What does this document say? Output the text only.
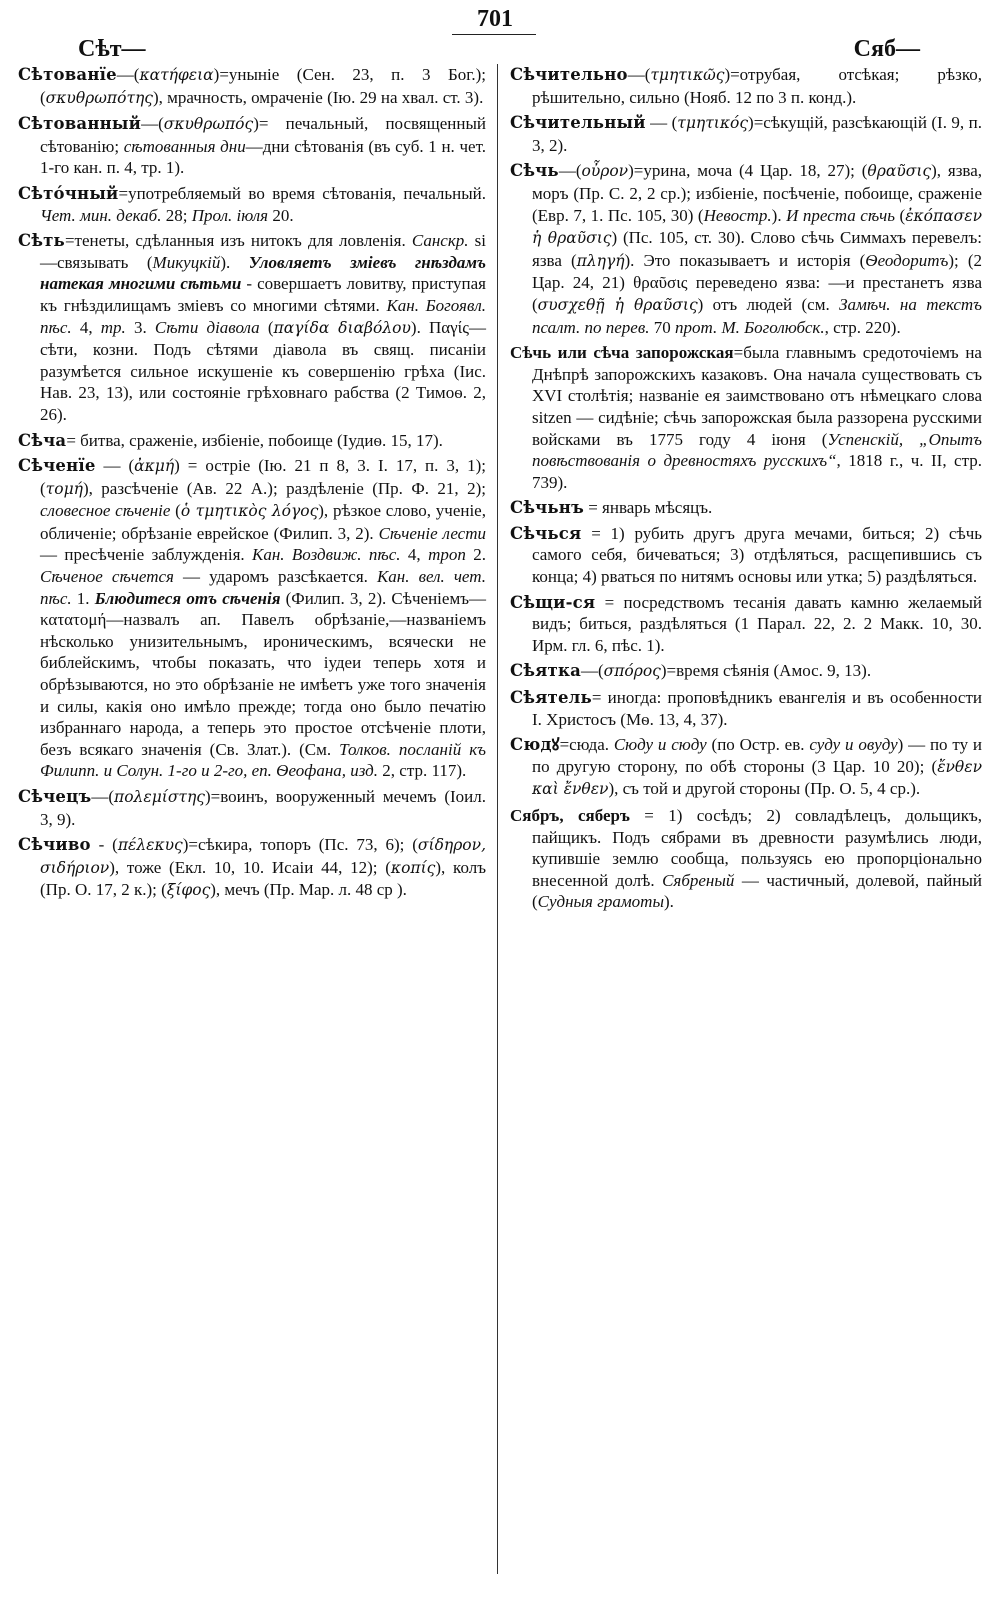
701
Сѣт—	Сяб—

Сѣтованїе—(κατήφεια)=уныніе (Сен. 23, п. 3 Бог.); (σκυθρωπότης), мрачность, омраченіе (Ію. 29 на хвал. ст. 3).

Сѣтованный—(σκυθρωπός)= печальный, посвященный сѣтованію; сѣтованныя дни—дни сѣтованія (въ суб. 1 н. чет. 1-го кан. п. 4, тр. 1).

Сѣтóчный=употребляемый во время сѣтованія, печальный. Чет. мин. декаб. 28; Прол. іюля 20.

Сѣть=тенеты, сдѣланныя изъ нитокъ для ловленія. Санскр. si—связывать (Микуцкій). Уловляетъ зміевъ гнѣздамъ натекая многими сѣтьми - совершаетъ ловитву, приступая къ гнѣздилищамъ зміевъ со многими сѣтями. Кан. Богоявл. пѣс. 4, тр. 3. Сѣти діавола (παγίδα διαβόλου). Παγίς—сѣти, козни. Подъ сѣтями діавола въ свящ. писаніи разумѣется сильное искушеніе къ совершенію грѣха (Іис. Нав. 23, 13), или состояніе грѣховнаго рабства (2 Тимоѳ. 2, 26).

Сѣча= битва, сраженіе, избіеніе, побоище (Іудиѳ. 15, 17).

Сѣченїе — (ἀκμή) = остріе (Ію. 21 п 8, 3. І. 17, п. 3, 1); (τομή), разсѣченіе (Ав. 22 А.); раздѣленіе (Пр. Ф. 21, 2); словесное сѣченіе (ὁ τμητικὸς λόγος), рѣзкое слово, ученіе, обличеніе; обрѣзаніе еврейское (Филип. 3, 2). Сѣченіе лести — пресѣченіе заблужденія. Кан. Воздвиж. пѣс. 4, троп 2. Сѣченое сѣчется — ударомъ разсѣкается. Кан. вел. чет. пѣс. 1. Блюдитеся отъ сѣченія (Филип. 3, 2). Сѣченіемъ—κατατομή—назвалъ ап. Павелъ обрѣзаніе,—названіемъ нѣсколько унизительнымъ, ироническимъ, всячески не библейскимъ, чтобы показать, что іудеи теперь хотя и обрѣзываются, но это обрѣзаніе не имѣетъ уже того значенія и силы, какія оно имѣло прежде; тогда оно было печатію избраннаго народа, а теперь это простое отсѣченіе плоти, безъ всякаго значенія (Св. Злат.). (См. Толков. посланій къ Филипп. и Солун. 1-го и 2-го, еп. Ѳеофана, изд. 2, стр. 117).

Сѣчецъ—(πολεμίστης)=воинъ, вооруженный мечемъ (Іоил. 3, 9).

Сѣчиво - (πέλεκυς)=сѣкира, топоръ (Пс. 73, 6); (σίδηρον, σιδήριον), тоже (Екл. 10, 10. Исаіи 44, 12); (κοπίς), колъ (Пр. О. 17, 2 к.); (ξίφος), мечъ (Пр. Мар. л. 48 ср ).

Сѣчительно—(τμητικῶς)=отрубая, отсѣкая; рѣзко, рѣшительно, сильно (Нояб. 12 по 3 п. конд.).

Сѣчительный — (τμητικός)=сѣкущій, разсѣкающій (І. 9, п. 3, 2).

Сѣчь—(οὖρον)=урина, моча (4 Цар. 18, 27); (θραῦσις), язва, моръ (Пр. С. 2, 2 ср.); избіеніе, посѣченіе, побоище, сраженіе (Евр. 7, 1. Пс. 105, 30) (Невостр.). И преста сѣчь (ἐκόπασεν ἡ θραῦσις) (Пс. 105, ст. 30). Слово сѣчь Симмахъ перевелъ: язва (πληγή). Это показываетъ и исторія (Ѳеодоритъ); (2 Цар. 24, 21) θραῦσις переведено язва: —и престанетъ язва (συσχεθῇ ἡ θραῦσις) отъ людей (см. Замѣч. на текстъ псалт. по перев. 70 прот. М. Боголюбск., стр. 220).

Сѣчь или сѣча запорожская=была главнымъ средоточіемъ на Днѣпрѣ запорожскихъ казаковъ. Она начала существовать съ XVI столѣтія; названіе ея заимствовано отъ нѣмецкаго слова sitzen — сидѣніе; сѣчь запорожская была раззорена русскими войсками въ 1775 году 4 іюня (Успенскій, „Опытъ повѣствованія о древностяхъ русскихъ“, 1818 г., ч. II, стр. 739).

Сѣчьнъ = январь мѣсяцъ.

Сѣчься = 1) рубить другъ друга мечами, биться; 2) сѣчь самого себя, бичеваться; 3) отдѣляться, расщепившись съ конца; 4) рваться по нитямъ основы или утка; 5) раздѣляться.

Сѣщи-ся = посредствомъ тесанія давать камню желаемый видъ; биться, раздѣляться (1 Парал. 22, 2. 2 Макк. 10, 30. Ирм. гл. 6, пѣс. 1).

Сѣятка—(σπόρος)=время сѣянія (Амос. 9, 13).

Сѣятель= иногда: проповѣдникъ евангелія и въ особенности І. Христосъ (Мѳ. 13, 4, 37).

Сюдꙋ=сюда. Сюду и сюду (по Остр. ев. суду и овуду) — по ту и по другую сторону, по обѣ стороны (3 Цар. 10 20); (ἔνθεν καὶ ἔνθεν), съ той и другой стороны (Пр. О. 5, 4 ср.).

Сябръ, сяберъ = 1) сосѣдъ; 2) совладѣлецъ, дольщикъ, пайщикъ. Подъ сябрами въ древности разумѣлись люди, купившіе землю сообща, пользуясь ею пропорціонально внесенной долѣ. Сябреный — частичный, долевой, пайный (Судныя грамоты).
